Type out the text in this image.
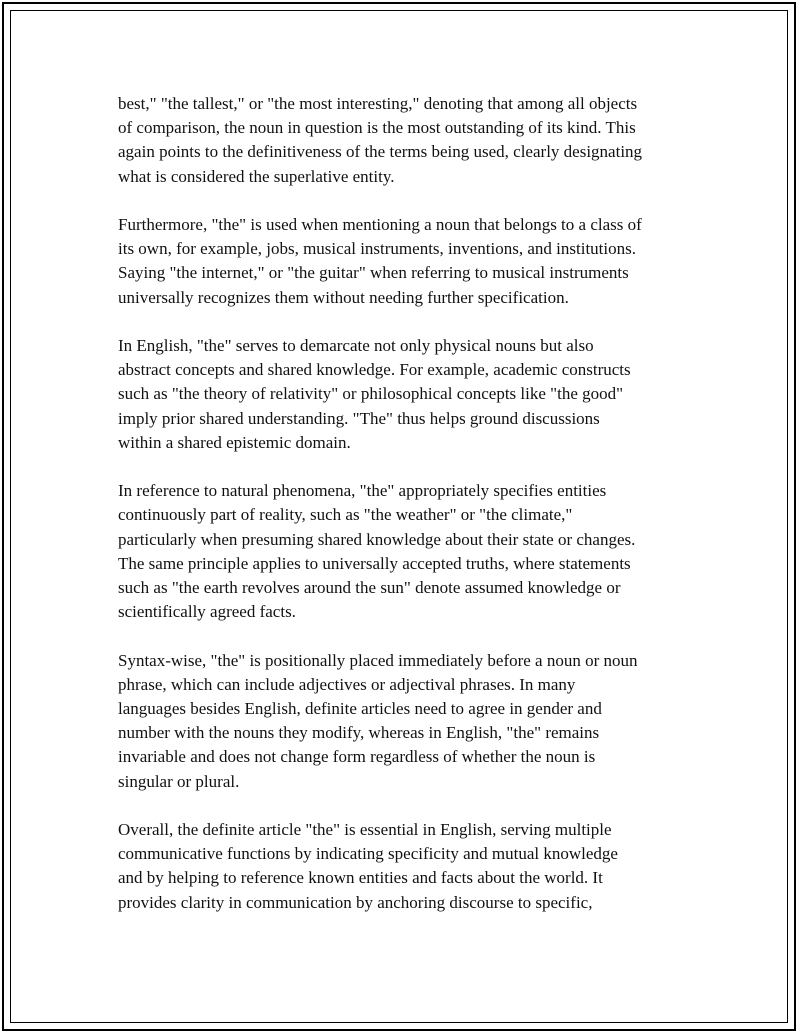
best," "the tallest," or "the most interesting," denoting that among all objects
of comparison, the noun in question is the most outstanding of its kind. This
again points to the definitiveness of the terms being used, clearly designating
what is considered the superlative entity.

Furthermore, "the" is used when mentioning a noun that belongs to a class of
its own, for example, jobs, musical instruments, inventions, and institutions.
Saying "the internet," or "the guitar" when referring to musical instruments
universally recognizes them without needing further specification.

In English, "the" serves to demarcate not only physical nouns but also
abstract concepts and shared knowledge. For example, academic constructs
such as "the theory of relativity" or philosophical concepts like "the good"
imply prior shared understanding. "The" thus helps ground discussions
within a shared epistemic domain.

In reference to natural phenomena, "the" appropriately specifies entities
continuously part of reality, such as "the weather" or "the climate,"
particularly when presuming shared knowledge about their state or changes.
The same principle applies to universally accepted truths, where statements
such as "the earth revolves around the sun" denote assumed knowledge or
scientifically agreed facts.

Syntax-wise, "the" is positionally placed immediately before a noun or noun
phrase, which can include adjectives or adjectival phrases. In many
languages besides English, definite articles need to agree in gender and
number with the nouns they modify, whereas in English, "the" remains
invariable and does not change form regardless of whether the noun is
singular or plural.

Overall, the definite article "the" is essential in English, serving multiple
communicative functions by indicating specificity and mutual knowledge
and by helping to reference known entities and facts about the world. It
provides clarity in communication by anchoring discourse to specific,
